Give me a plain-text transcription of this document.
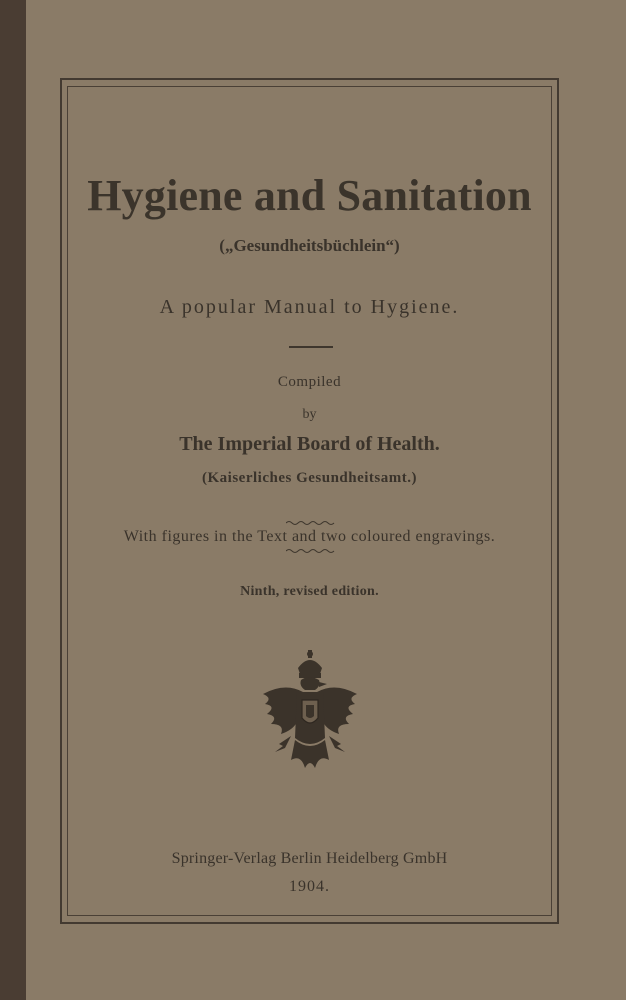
Hygiene and Sanitation
(„Gesundheitsbüchlein“)
A popular Manual to Hygiene.
Compiled
by
The Imperial Board of Health.
(Kaiserliches Gesundheitsamt.)
With figures in the Text and two coloured engravings.
Ninth, revised edition.
Springer-Verlag Berlin Heidelberg GmbH
1904.
